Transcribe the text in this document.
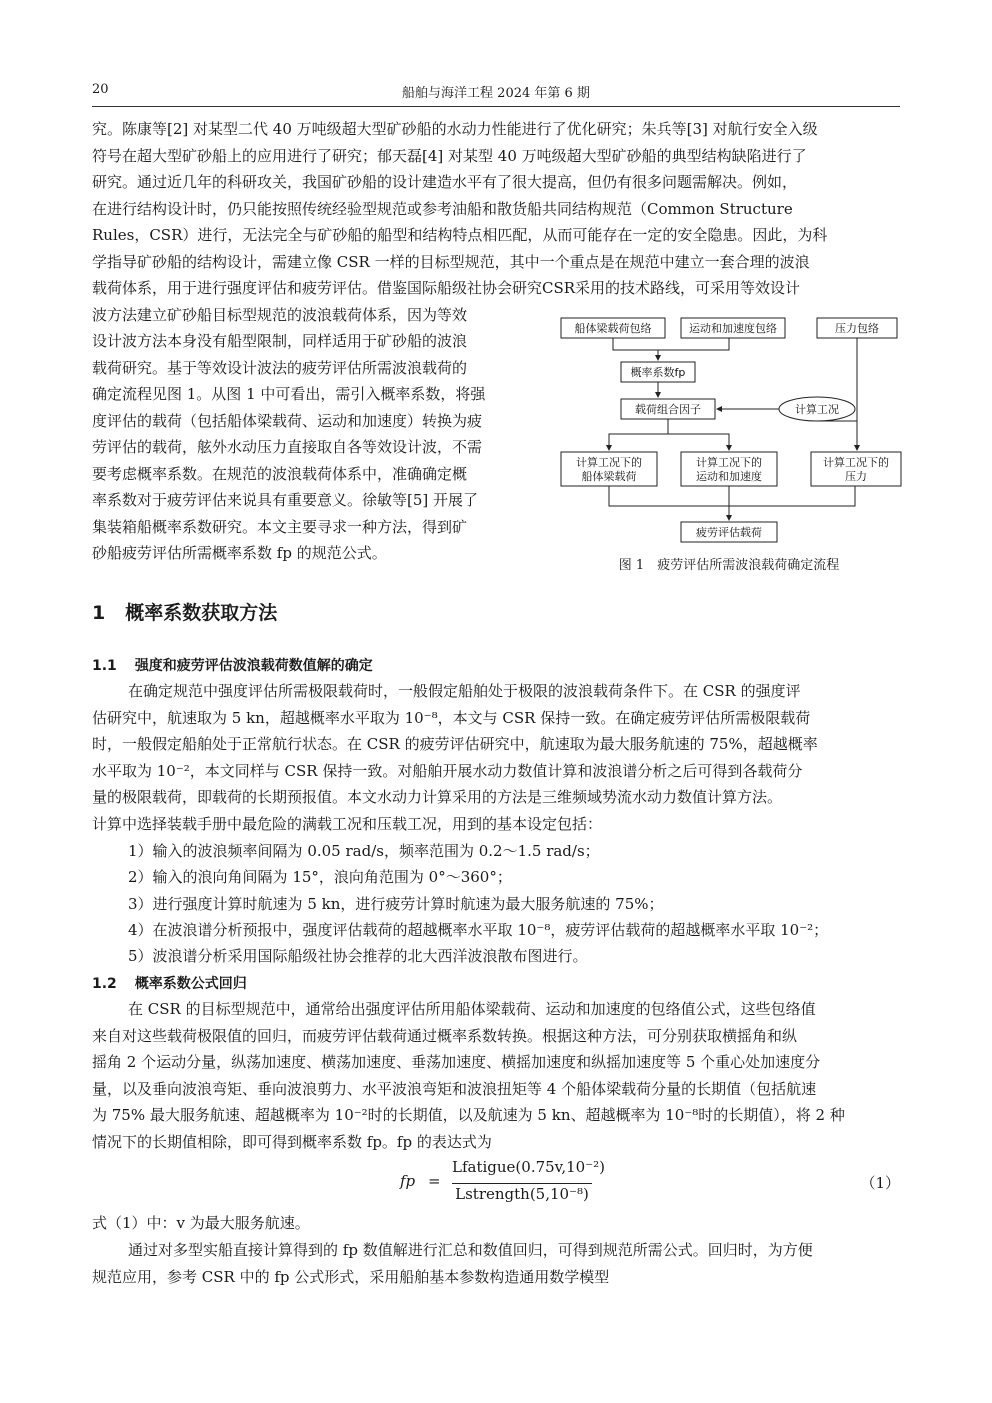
20	船舶与海洋工程 2024 年第 6 期

究。陈康等[2] 对某型二代 40 万吨级超大型矿砂船的水动力性能进行了优化研究；朱兵等[3] 对航行安全入级

符号在超大型矿砂船上的应用进行了研究；郁天磊[4] 对某型 40 万吨级超大型矿砂船的典型结构缺陷进行了

研究。通过近几年的科研攻关，我国矿砂船的设计建造水平有了很大提高，但仍有很多问题需解决。例如，

在进行结构设计时，仍只能按照传统经验型规范或参考油船和散货船共同结构规范（Common Structure

Rules，CSR）进行，无法完全与矿砂船的船型和结构特点相匹配，从而可能存在一定的安全隐患。因此，为科

学指导矿砂船的结构设计，需建立像 CSR 一样的目标型规范，其中一个重点是在规范中建立一套合理的波浪

载荷体系，用于进行强度评估和疲劳评估。借鉴国际船级社协会研究CSR采用的技术路线，可采用等效设计

波方法建立矿砂船目标型规范的波浪载荷体系，因为等效

设计波方法本身没有船型限制，同样适用于矿砂船的波浪

载荷研究。基于等效设计波法的疲劳评估所需波浪载荷的

确定流程见图 1。从图 1 中可看出，需引入概率系数，将强

度评估的载荷（包括船体梁载荷、运动和加速度）转换为疲

劳评估的载荷，舷外水动压力直接取自各等效设计波，不需

要考虑概率系数。在规范的波浪载荷体系中，准确确定概

率系数对于疲劳评估来说具有重要意义。徐敏等[5] 开展了

集装箱船概率系数研究。本文主要寻求一种方法，得到矿

砂船疲劳评估所需概率系数 fp 的规范公式。

船体梁载荷包络	运动和加速度包络	压力包络
概率系数fp
载荷组合因子	计算工况
计算工况下的
船体梁载荷
计算工况下的
运动和加速度
计算工况下的
压力
疲劳评估载荷
图 1　疲劳评估所需波浪载荷确定流程
1 概率系数获取方法
1.1 强度和疲劳评估波浪载荷数值解的确定

在确定规范中强度评估所需极限载荷时，一般假定船舶处于极限的波浪载荷条件下。在 CSR 的强度评

估研究中，航速取为 5 kn，超越概率水平取为 10⁻⁸，本文与 CSR 保持一致。在确定疲劳评估所需极限载荷

时，一般假定船舶处于正常航行状态。在 CSR 的疲劳评估研究中，航速取为最大服务航速的 75%，超越概率

水平取为 10⁻²，本文同样与 CSR 保持一致。对船舶开展水动力数值计算和波浪谱分析之后可得到各载荷分

量的极限载荷，即载荷的长期预报值。本文水动力计算采用的方法是三维频域势流水动力数值计算方法。

计算中选择装载手册中最危险的满载工况和压载工况，用到的基本设定包括：

1）输入的波浪频率间隔为 0.05 rad/s，频率范围为 0.2～1.5 rad/s；
2）输入的浪向角间隔为 15°，浪向角范围为 0°～360°；
3）进行强度计算时航速为 5 kn，进行疲劳计算时航速为最大服务航速的 75%；
4）在波浪谱分析预报中，强度评估载荷的超越概率水平取 10⁻⁸，疲劳评估载荷的超越概率水平取 10⁻²；
5）波浪谱分析采用国际船级社协会推荐的北大西洋波浪散布图进行。
1.2 概率系数公式回归

在 CSR 的目标型规范中，通常给出强度评估所用船体梁载荷、运动和加速度的包络值公式，这些包络值

来自对这些载荷极限值的回归，而疲劳评估载荷通过概率系数转换。根据这种方法，可分别获取横摇角和纵

摇角 2 个运动分量，纵荡加速度、横荡加速度、垂荡加速度、横摇加速度和纵摇加速度等 5 个重心处加速度分

量，以及垂向波浪弯矩、垂向波浪剪力、水平波浪弯矩和波浪扭矩等 4 个船体梁载荷分量的长期值（包括航速

为 75% 最大服务航速、超越概率为 10⁻²时的长期值，以及航速为 5 kn、超越概率为 10⁻⁸时的长期值），将 2 种

情况下的长期值相除，即可得到概率系数 fp。fp 的表达式为

fp =
Lfatigue(0.75v,10⁻²)
Lstrength(5,10⁻⁸)
（1）

式（1）中：v 为最大服务航速。

通过对多型实船直接计算得到的 fp 数值解进行汇总和数值回归，可得到规范所需公式。回归时，为方便

规范应用，参考 CSR 中的 fp 公式形式，采用船舶基本参数构造通用数学模型
